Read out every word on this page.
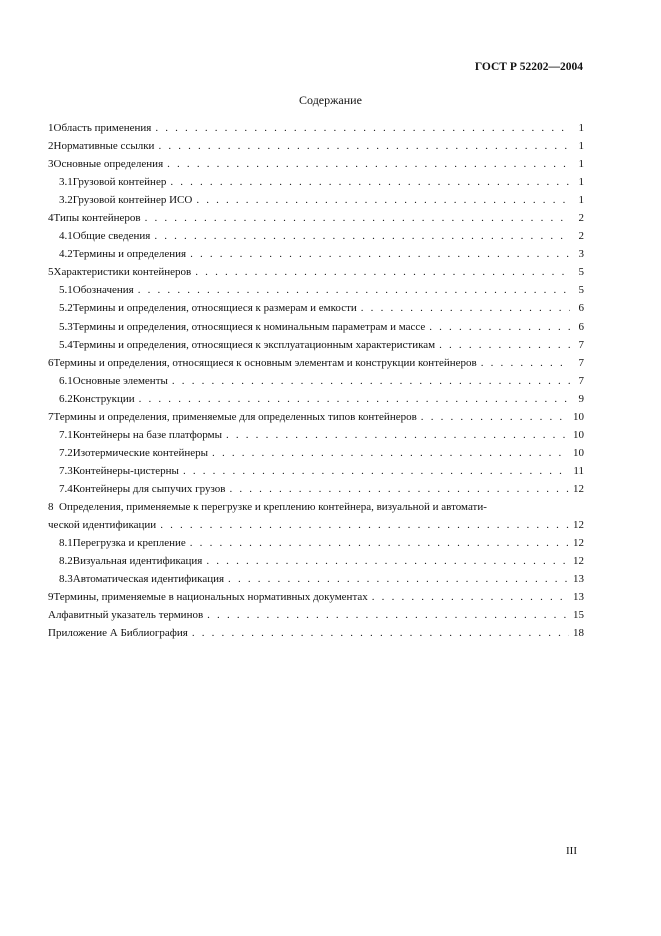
ГОСТ Р 52202—2004
Содержание
1 Область применения . . .	1
2 Нормативные ссылки . . .	1
3 Основные определения . . .	1
3.1 Грузовой контейнер . . .	1
3.2 Грузовой контейнер ИСО . . .	1
4 Типы контейнеров . . .	2
4.1 Общие сведения . . .	2
4.2 Термины и определения . . .	3
5 Характеристики контейнеров . . .	5
5.1 Обозначения . . .	5
5.2 Термины и определения, относящиеся к размерам и емкости . . .	6
5.3 Термины и определения, относящиеся к номинальным параметрам и массе . . .	6
5.4 Термины и определения, относящиеся к эксплуатационным характеристикам . . .	7
6 Термины и определения, относящиеся к основным элементам и конструкции контейнеров . . .	7
6.1 Основные элементы . . .	7
6.2 Конструкции . . .	9
7 Термины и определения, применяемые для определенных типов контейнеров . . .	10
7.1 Контейнеры на базе платформы . . .	10
7.2 Изотермические контейнеры . . .	10
7.3 Контейнеры-цистерны . . .	11
7.4 Контейнеры для сыпучих грузов . . .	12
8 Определения, применяемые к перегрузке и креплению контейнера, визуальной и автомати-
ческой идентификации . . .	12
8.1 Перегрузка и крепление . . .	12
8.2 Визуальная идентификация . . .	12
8.3 Автоматическая идентификация . . .	13
9 Термины, применяемые в национальных нормативных документах . . .	13
Алфавитный указатель терминов . . .	15
Приложение А Библиография . . .	18
III
